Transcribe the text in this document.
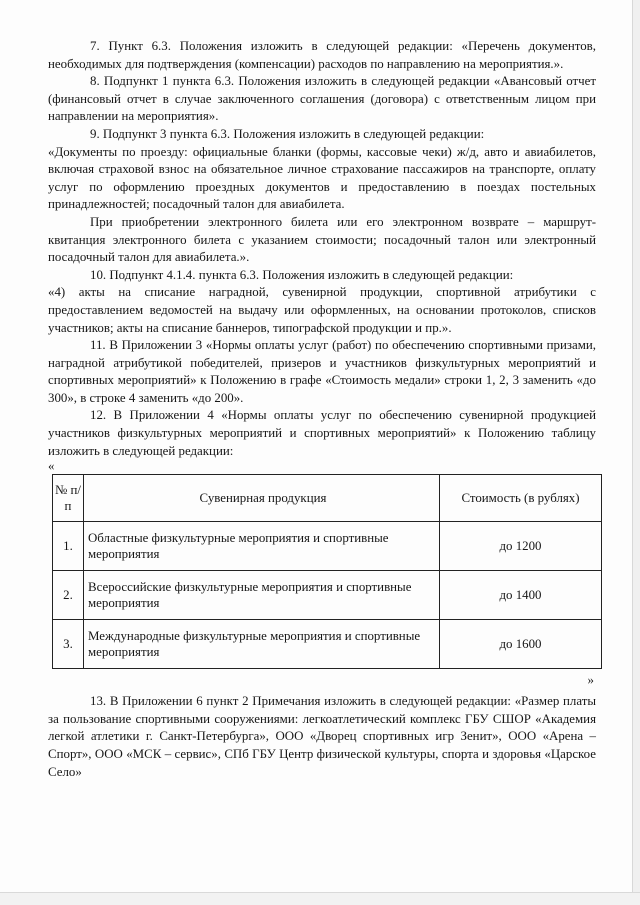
7. Пункт 6.3. Положения изложить в следующей редакции: «Перечень документов, необходимых для подтверждения (компенсации) расходов по направлению на мероприятия.».

8. Подпункт 1 пункта 6.3. Положения изложить в следующей редакции «Авансовый отчет (финансовый отчет в случае заключенного соглашения (договора) с ответственным лицом при направлении на мероприятия».

9. Подпункт 3 пункта 6.3. Положения изложить в следующей редакции:

«Документы по проезду: официальные бланки (формы, кассовые чеки) ж/д, авто и авиабилетов, включая страховой взнос на обязательное личное страхование пассажиров на транспорте, оплату услуг по оформлению проездных документов и предоставлению в поездах постельных принадлежностей; посадочный талон для авиабилета.

При приобретении электронного билета или его электронном возврате – маршрут-квитанция электронного билета с указанием стоимости; посадочный талон или электронный посадочный талон для авиабилета.».

10. Подпункт 4.1.4. пункта 6.3. Положения изложить в следующей редакции:

«4) акты на списание наградной, сувенирной продукции, спортивной атрибутики с предоставлением ведомостей на выдачу или оформленных, на основании протоколов, списков участников; акты на списание баннеров, типографской продукции и пр.».

11. В Приложении 3 «Нормы оплаты услуг (работ) по обеспечению спортивными призами, наградной атрибутикой победителей, призеров и участников физкультурных мероприятий и спортивных мероприятий» к Положению в графе «Стоимость медали» строки 1, 2, 3 заменить «до 300», в строке 4 заменить «до 200».

12. В Приложении 4 «Нормы оплаты услуг по обеспечению сувенирной продукцией участников физкультурных мероприятий и спортивных мероприятий» к Положению таблицу изложить в следующей редакции:

«

№ п/п	Сувенирная продукция	Стоимость (в рублях)
1.	Областные физкультурные мероприятия и спортивные мероприятия	до 1200
2.	Всероссийские физкультурные мероприятия и спортивные мероприятия	до 1400
3.	Международные физкультурные мероприятия и спортивные мероприятия	до 1600

»

13. В Приложении 6 пункт 2 Примечания изложить в следующей редакции: «Размер платы за пользование спортивными сооружениями: легкоатлетический комплекс ГБУ СШОР «Академия легкой атлетики г. Санкт-Петербурга», ООО «Дворец спортивных игр Зенит», ООО «Арена – Спорт», ООО «МСК – сервис», СПб ГБУ Центр физической культуры, спорта и здоровья «Царское Село»
